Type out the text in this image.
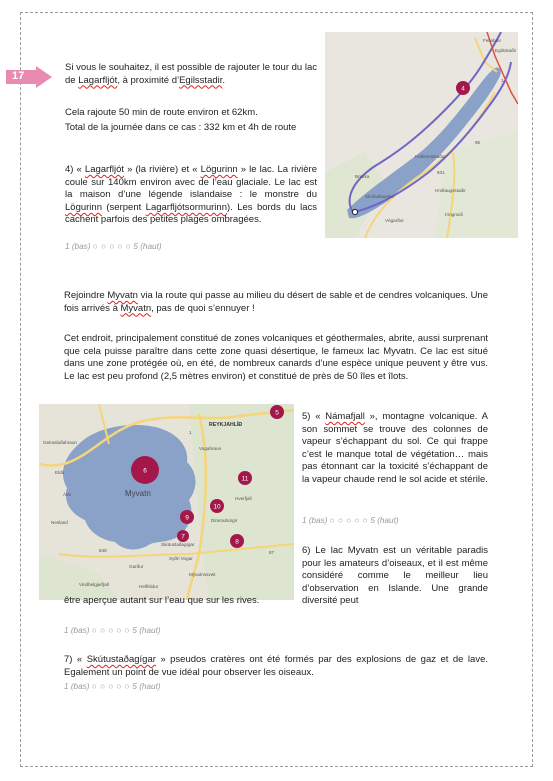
17

Si vous le souhaitez, il est possible de rajouter le tour du lac de Lagarfljót, à proximité d’Egilsstadir.

Cela rajoute 50 min de route environ et 62km.

Total de la journée dans ce cas : 332 km et 4h de route

4) « Lagarfljót » (la rivière) et « Lögurinn » le lac. La rivière coule sur 140km environ avec de l’eau glaciale. Le lac est la maison d’une légende islandaise : le monstre du Lögurinn (serpent Lagarfljótsormurinn). Les bords du lacs cachent parfois des petites plages ombragées.

1 (bas) ○ ○ ○ ○ ○ 5 (haut)
4
Fellabær
Egilsstaðir
Hallormsstaður
Brekka
Skriðuklaustur
Végarður
Hrollaugsstaðir
Þingmúli
931
95
1

Rejoindre Myvatn via la route qui passe au milieu du désert de sable et de cendres volcaniques. Une fois arrivés à Myvatn, pas de quoi s’ennuyer !

Cet endroit, principalement constitué de zones volcaniques et géothermales, abrite, aussi surprenant que cela puisse paraître dans cette zone quasi désertique, le fameux lac Myvatn. Ce lac est situé dans une zone protégée où, en été, de nombreux canards d’une espèce unique peuvent y être vus. Le lac est peu profond (2,5 mètres environ) et constitué de près de 50 îles et îlots.

5
6
9
10
11
7
8
REYKJAHLÍÐ
Myvatn
Geiraslaðahraun
Álar
Nesland
Eldá
Vogahraun
Dimmuborgir
Hverfjall
Skútustaðagígar
Garður
Mývatnssveit
Vindbelgjarfjall	Hellhildur
Syðri Vogar
1
848	87

5) « Námafjall », montagne volcanique. A son sommet se trouve des colonnes de vapeur s’échappant du sol. Ce qui frappe c’est le manque total de végétation… mais pas étonnant car la toxicité s’échappant de la vapeur chaude rend le sol acide et stérile.

1 (bas) ○ ○ ○ ○ ○ 5 (haut)

6) Le lac Myvatn est un véritable paradis pour les amateurs d’oiseaux, et il est même considéré comme le meilleur lieu d’observation en Islande. Une grande diversité peut

être aperçue autant sur l’eau que sur les rives.

1 (bas) ○ ○ ○ ○ ○ 5 (haut)

7) « Skútustaðagígar » pseudos cratères ont été formés par des explosions de gaz et de lave. Egalement un point de vue idéal pour observer les oiseaux.

1 (bas) ○ ○ ○ ○ ○ 5 (haut)
